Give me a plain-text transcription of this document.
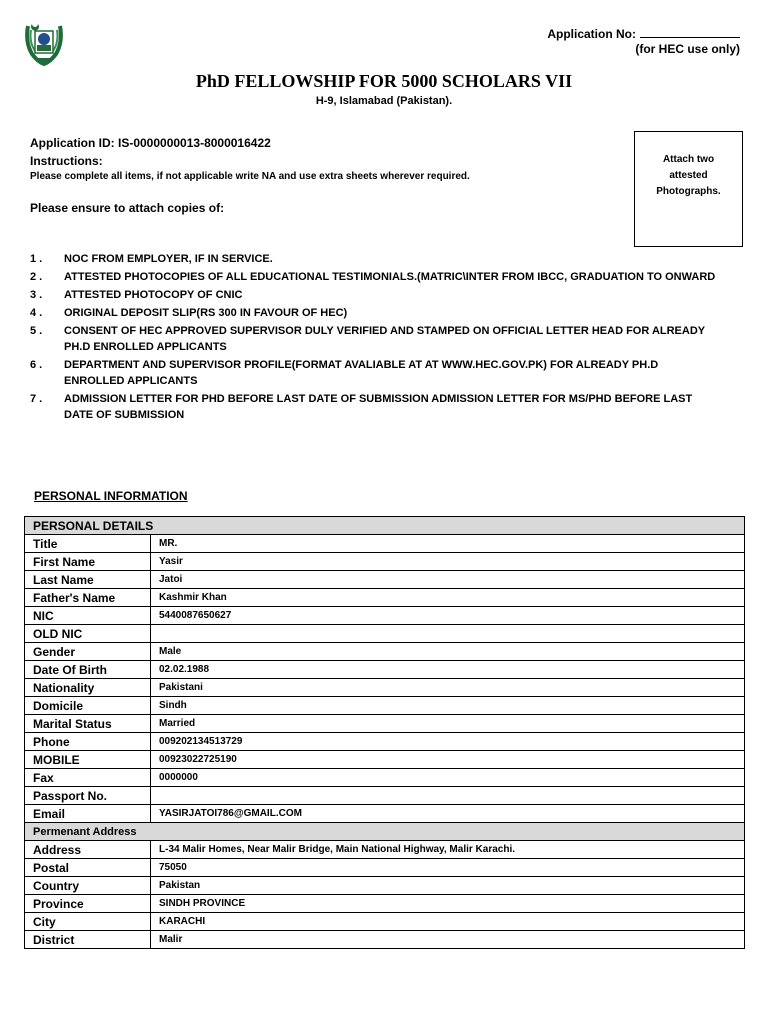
Application No:
(for HEC use only)
PhD FELLOWSHIP FOR 5000 SCHOLARS VII
H-9, Islamabad (Pakistan).
Application ID: IS-0000000013-8000016422
Instructions:
Please complete all items, if not applicable write NA and use extra sheets wherever required.
Please ensure to attach copies of:
Attach two
attested
Photographs.
1 .	NOC FROM EMPLOYER, IF IN SERVICE.
2 .	ATTESTED PHOTOCOPIES OF ALL EDUCATIONAL TESTIMONIALS.(MATRIC\INTER FROM IBCC, GRADUATION TO ONWARD
3 .	ATTESTED PHOTOCOPY OF CNIC
4 .	ORIGINAL DEPOSIT SLIP(RS 300 IN FAVOUR OF HEC)
5 .	CONSENT OF HEC APPROVED SUPERVISOR DULY VERIFIED AND STAMPED ON OFFICIAL LETTER HEAD FOR ALREADY PH.D ENROLLED APPLICANTS
6 .	DEPARTMENT AND SUPERVISOR PROFILE(FORMAT AVALIABLE AT AT WWW.HEC.GOV.PK) FOR ALREADY PH.D ENROLLED APPLICANTS
7 .	ADMISSION LETTER FOR PHD BEFORE LAST DATE OF SUBMISSION ADMISSION LETTER FOR MS/PHD BEFORE LAST DATE OF SUBMISSION
PERSONAL INFORMATION
PERSONAL DETAILS	
Title	MR.
First Name	Yasir
Last Name	Jatoi
Father's Name	Kashmir Khan
NIC	5440087650627
OLD NIC	
Gender	Male
Date Of Birth	02.02.1988
Nationality	Pakistani
Domicile	Sindh
Marital Status	Married
Phone	009202134513729
MOBILE	00923022725190
Fax	0000000
Passport No.	
Email	YASIRJATOI786@GMAIL.COM
Permenant Address	
Address	L-34 Malir Homes, Near Malir Bridge, Main National Highway, Malir Karachi.
Postal	75050
Country	Pakistan
Province	SINDH PROVINCE
City	KARACHI
District	Malir
